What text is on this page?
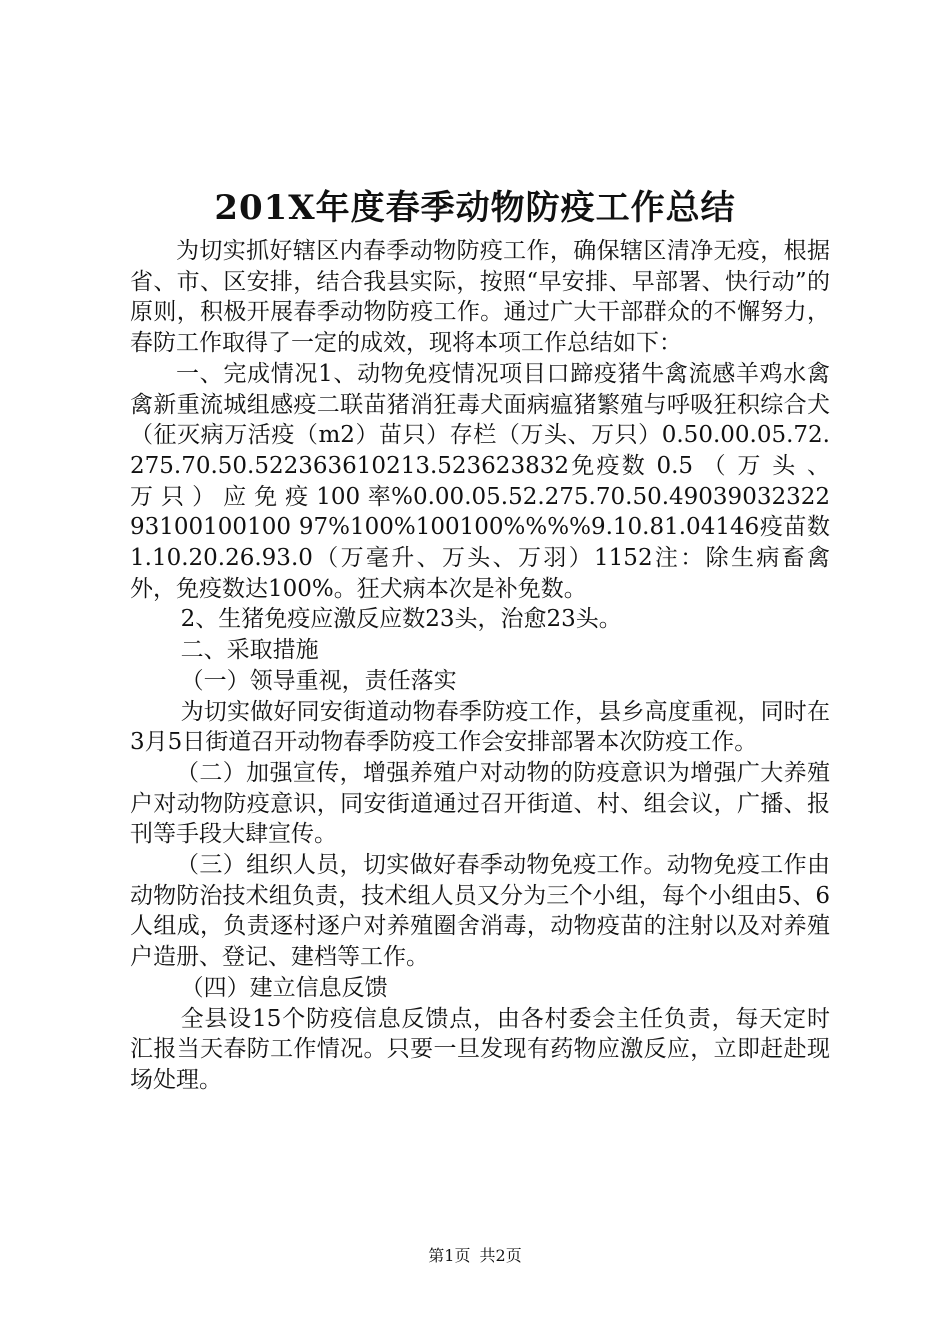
201X年度春季动物防疫工作总结

为切实抓好辖区内春季动物防疫工作，确保辖区清净无疫，根据省、市、区安排，结合我县实际，按照“早安排、早部署、快行动”的原则，积极开展春季动物防疫工作。通过广大干部群众的不懈努力，春防工作取得了一定的成效，现将本项工作总结如下：

一、完成情况1、动物免疫情况项目口蹄疫猪牛禽流感羊鸡水禽禽新重流城组感疫二联苗猪消狂毒犬面病瘟猪繁殖与呼吸狂积综合犬（征灭病万活疫（m2）苗只）存栏（万头、万只）0.50.00.05.72.275.70.50.522363610213.523623832免疫数 0.5 （ 万 头 、 万 只 ） 应 免 疫 100 率%0.00.05.52.275.70.50.4903903232293100100100 97%100%100100%%%%9.10.81.04146疫苗数1.10.20.26.93.0（万毫升、万头、万羽）1152注：除生病畜禽外，免疫数达100%。狂犬病本次是补免数。

2、生猪免疫应激反应数23头，治愈23头。

二、采取措施

（一）领导重视，责任落实

为切实做好同安街道动物春季防疫工作，县乡高度重视，同时在3月5日街道召开动物春季防疫工作会安排部署本次防疫工作。

（二）加强宣传，增强养殖户对动物的防疫意识为增强广大养殖户对动物防疫意识，同安街道通过召开街道、村、组会议，广播、报刊等手段大肆宣传。

（三）组织人员，切实做好春季动物免疫工作。动物免疫工作由动物防治技术组负责，技术组人员又分为三个小组，每个小组由5、6人组成，负责逐村逐户对养殖圈舍消毒，动物疫苗的注射以及对养殖户造册、登记、建档等工作。

（四）建立信息反馈

全县设15个防疫信息反馈点，由各村委会主任负责，每天定时汇报当天春防工作情况。只要一旦发现有药物应激反应，立即赶赴现场处理。

第1页 共2页
